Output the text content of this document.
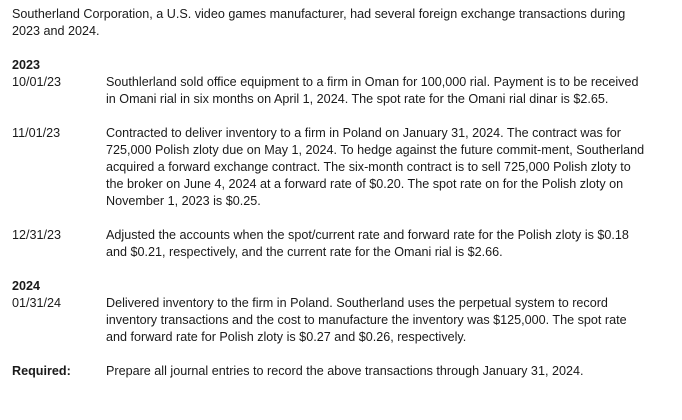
Southerland Corporation, a U.S. video games manufacturer, had several foreign exchange transactions during 2023 and 2024.

2023

10/01/23	Southlerland sold office equipment to a firm in Oman for 100,000 rial. Payment is to be received in Omani rial in six months on April 1, 2024. The spot rate for the Omani rial dinar is $2.65.
11/01/23	Contracted to deliver inventory to a firm in Poland on January 31, 2024. The contract was for 725,000 Polish zloty due on May 1, 2024. To hedge against the future commit-ment, Southerland acquired a forward exchange contract. The six-month contract is to sell 725,000 Polish zloty to the broker on June 4, 2024 at a forward rate of $0.20. The spot rate on for the Polish zloty on November 1, 2023 is $0.25.
12/31/23	Adjusted the accounts when the spot/current rate and forward rate for the Polish zloty is $0.18 and $0.21, respectively, and the current rate for the Omani rial is $2.66.

2024

01/31/24	Delivered inventory to the firm in Poland. Southerland uses the perpetual system to record inventory transactions and the cost to manufacture the inventory was $125,000. The spot rate and forward rate for Polish zloty is $0.27 and $0.26, respectively.
Required:	Prepare all journal entries to record the above transactions through January 31, 2024.
